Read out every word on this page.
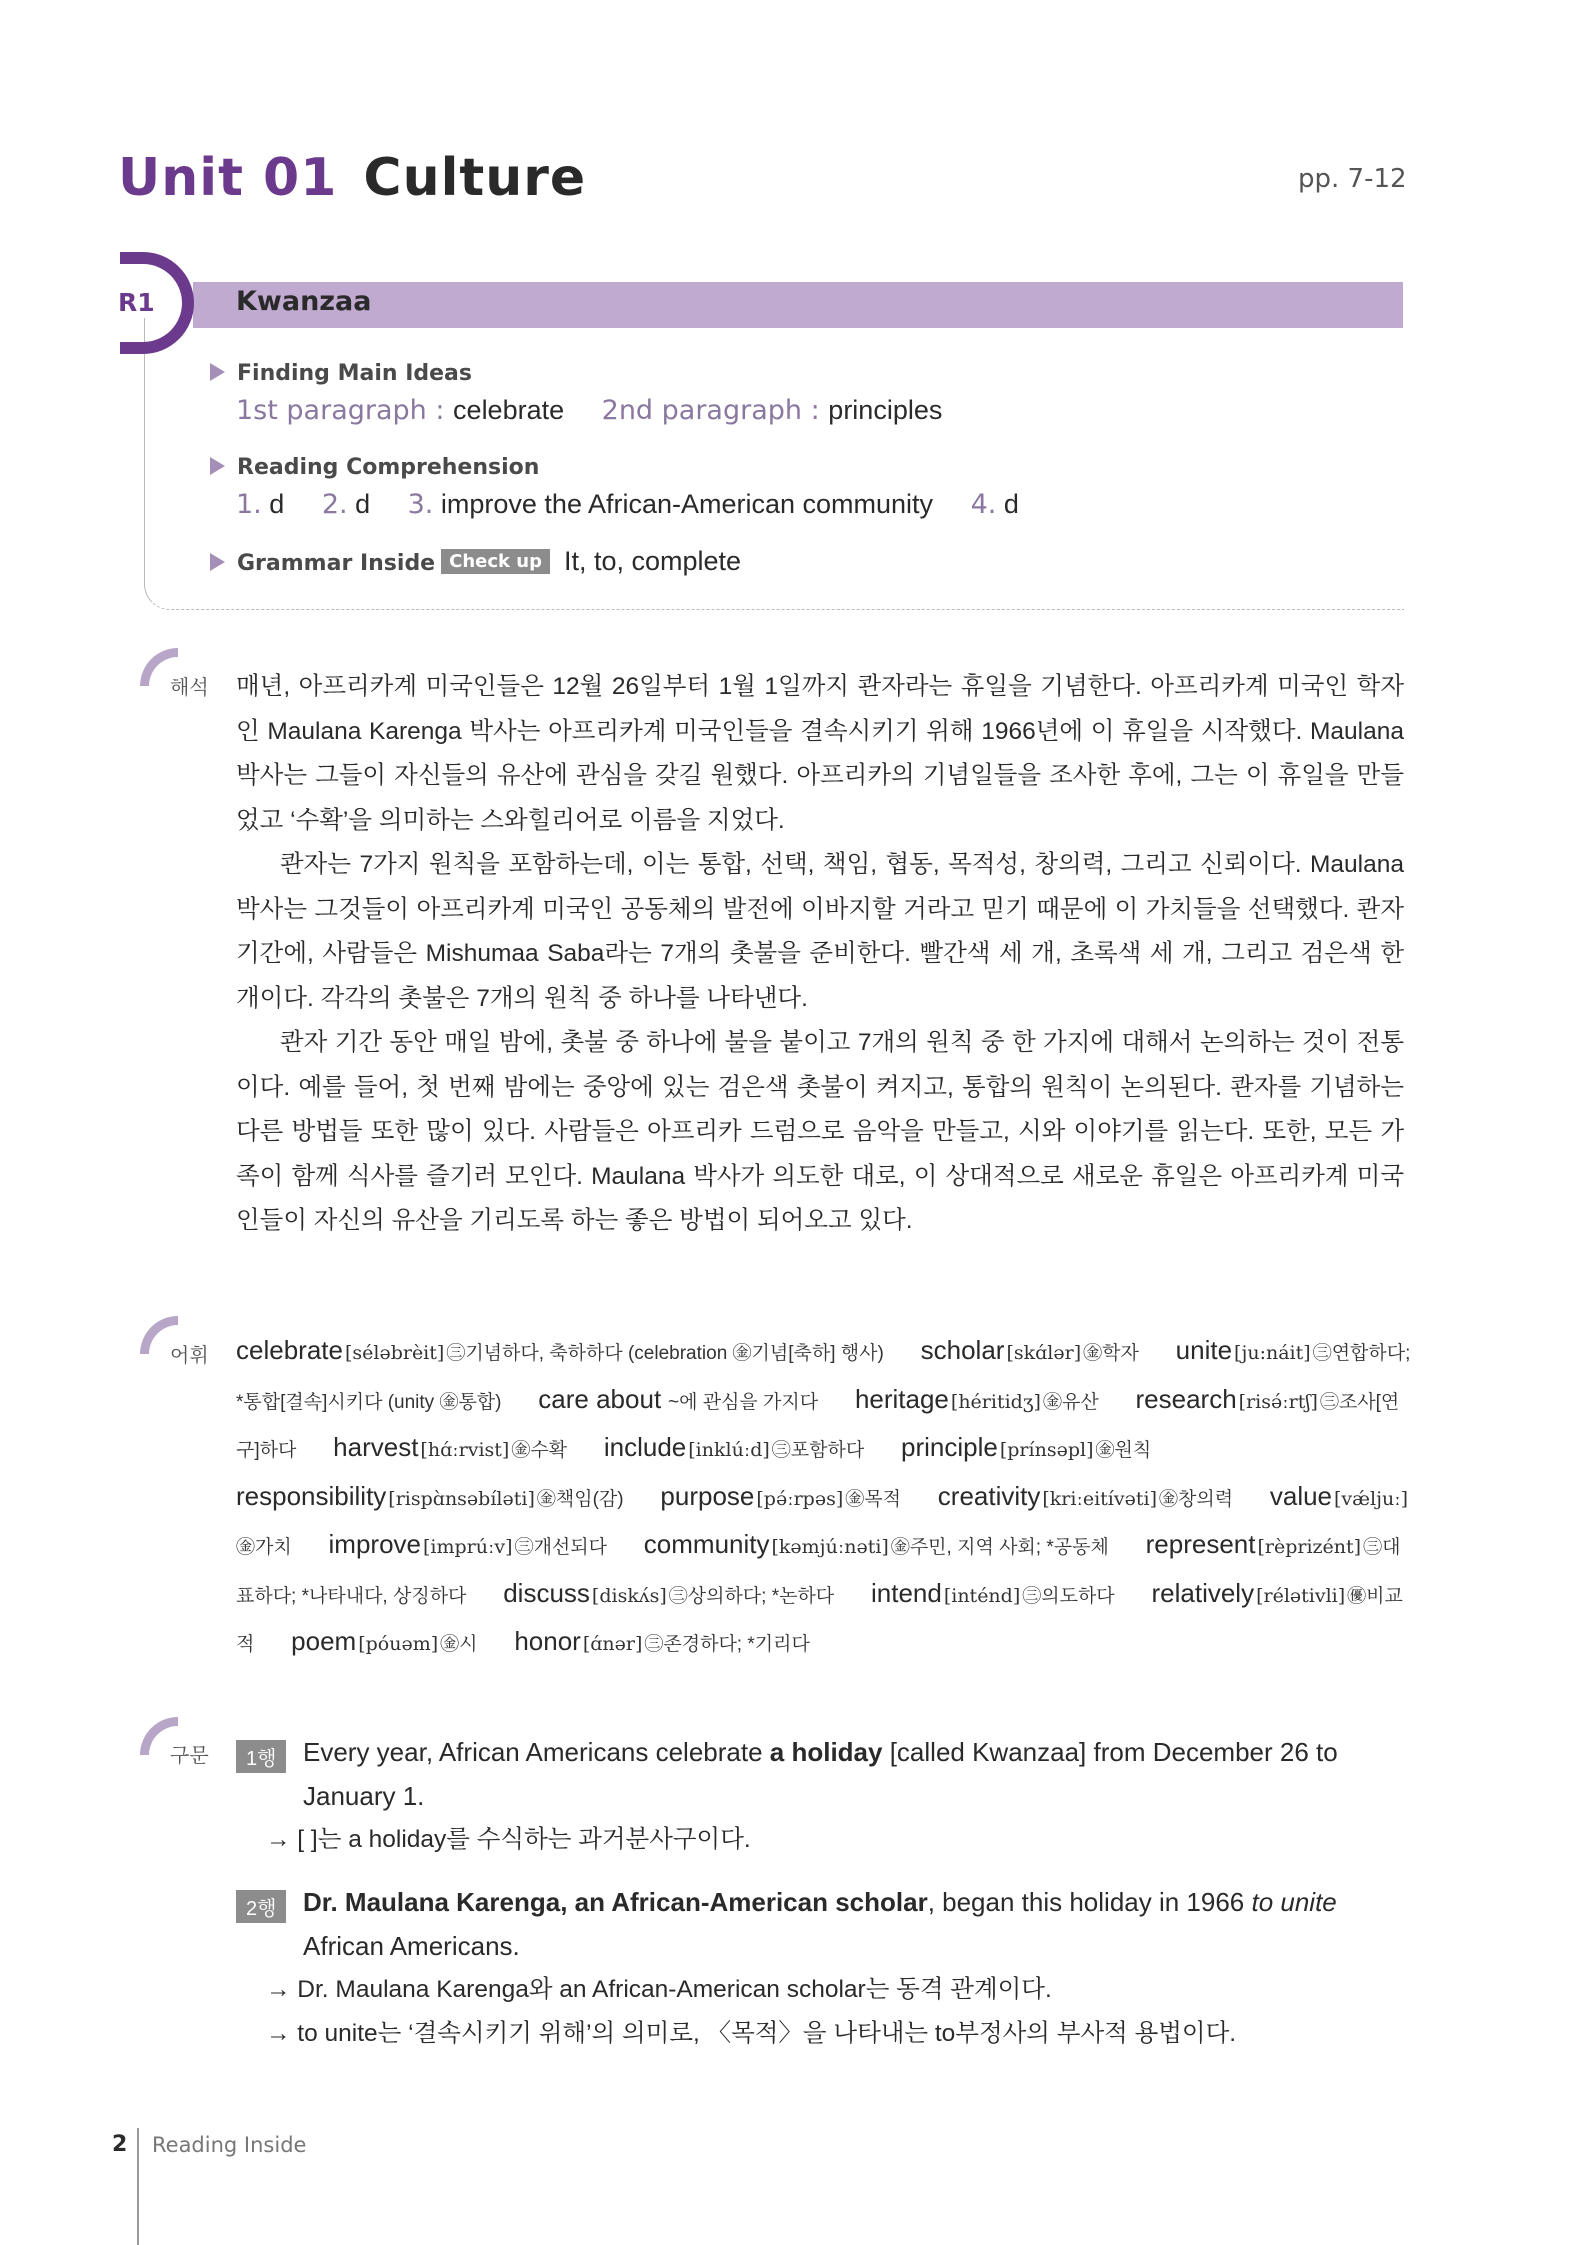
Unit 01 Culture	pp. 7-12
R1	Kwanzaa
Finding Main Ideas
1st paragraph : celebrate 2nd paragraph : principles
Reading Comprehension
1. d 2. d 3. improve the African-American community 4. d
Grammar Inside Check up It, to, complete
해석 매년, 아프리카계 미국인들은 12월 26일부터 1월 1일까지 콴자라는 휴일을 기념한다. 아프리카계 미국인 학자인 Maulana Karenga 박사는 아프리카계 미국인들을 결속시키기 위해 1966년에 이 휴일을 시작했다. Maulana 박사는 그들이 자신들의 유산에 관심을 갖길 원했다. 아프리카의 기념일들을 조사한 후에, 그는 이 휴일을 만들었고 ‘수확’을 의미하는 스와힐리어로 이름을 지었다.

콴자는 7가지 원칙을 포함하는데, 이는 통합, 선택, 책임, 협동, 목적성, 창의력, 그리고 신뢰이다. Maulana 박사는 그것들이 아프리카계 미국인 공동체의 발전에 이바지할 거라고 믿기 때문에 이 가치들을 선택했다. 콴자 기간에, 사람들은 Mishumaa Saba라는 7개의 촛불을 준비한다. 빨간색 세 개, 초록색 세 개, 그리고 검은색 한 개이다. 각각의 촛불은 7개의 원칙 중 하나를 나타낸다.

콴자 기간 동안 매일 밤에, 촛불 중 하나에 불을 붙이고 7개의 원칙 중 한 가지에 대해서 논의하는 것이 전통이다. 예를 들어, 첫 번째 밤에는 중앙에 있는 검은색 촛불이 켜지고, 통합의 원칙이 논의된다. 콴자를 기념하는 다른 방법들 또한 많이 있다. 사람들은 아프리카 드럼으로 음악을 만들고, 시와 이야기를 읽는다. 또한, 모든 가족이 함께 식사를 즐기러 모인다. Maulana 박사가 의도한 대로, 이 상대적으로 새로운 휴일은 아프리카계 미국인들이 자신의 유산을 기리도록 하는 좋은 방법이 되어오고 있다.

어휘 celebrate [séləbrèit] ㊂기념하다, 축하하다 (celebration ㊎기념[축하] 행사) scholar [skɑ́lər] ㊎학자 unite [ju:náit] ㊂연합하다; *통합[결속]시키다 (unity ㊎통합) care about ~에 관심을 가지다 heritage [héritidʒ] ㊎유산 research [risə́ːrtʃ] ㊂조사[연구]하다 harvest [hɑ́ːrvist] ㊎수확 include [inklúːd] ㊂포함하다 principle [prínsəpl] ㊎원칙 responsibility [rispɑ̀nsəbíləti] ㊎책임(감) purpose [pə́ːrpəs] ㊎목적 creativity [kriːeitívəti] ㊎창의력 value [vǽljuː]㊎가치 improve [imprúːv] ㊂개선되다 community [kəmjúːnəti] ㊎주민, 지역 사회; *공동체 represent [rèprizént] ㊂대표하다; *나타내다, 상징하다 discuss [diskʌ́s] ㊂상의하다; *논하다 intend [inténd] ㊂의도하다 relatively [rélətivli] ㊝비교적 poem [póuəm] ㊎시 honor [ɑ́nər] ㊂존경하다; *기리다
구문	1행	Every year, African Americans celebrate a holiday [called Kwanzaa] from December 26 to January 1.
→ [ ]는 a holiday를 수식하는 과거분사구이다.
2행	Dr. Maulana Karenga, an African-American scholar, began this holiday in 1966 to unite African Americans.
→ Dr. Maulana Karenga와 an African-American scholar는 동격 관계이다.
→ to unite는 ‘결속시키기 위해’의 의미로, 〈목적〉을 나타내는 to부정사의 부사적 용법이다.
2 Reading Inside
